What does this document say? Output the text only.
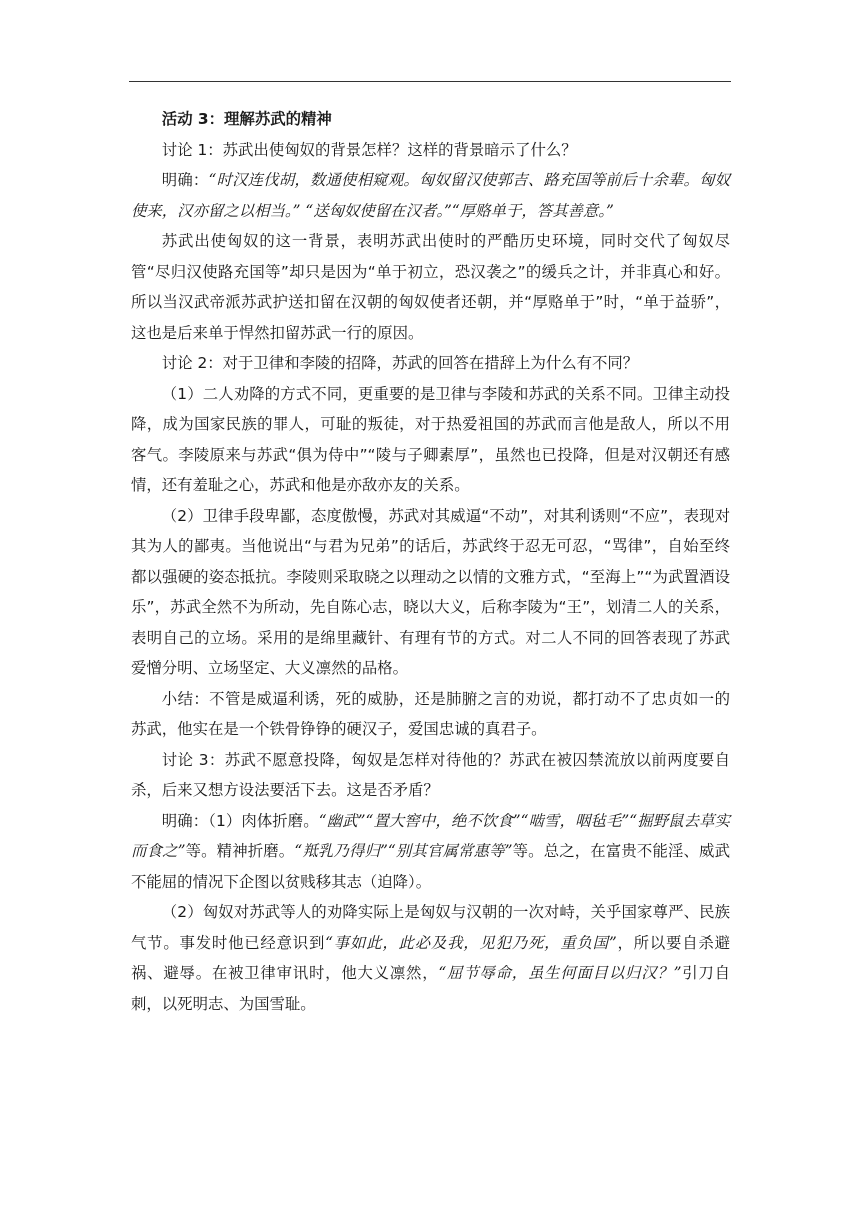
活动 3：理解苏武的精神

讨论 1：苏武出使匈奴的背景怎样？这样的背景暗示了什么？

明确：“时汉连伐胡，数通使相窥观。匈奴留汉使郭吉、路充国等前后十余辈。匈奴使来，汉亦留之以相当。” “送匈奴使留在汉者。”“厚赂单于，答其善意。”

苏武出使匈奴的这一背景，表明苏武出使时的严酷历史环境，同时交代了匈奴尽管“尽归汉使路充国等”却只是因为“单于初立，恐汉袭之”的缓兵之计，并非真心和好。所以当汉武帝派苏武护送扣留在汉朝的匈奴使者还朝，并“厚赂单于”时，“单于益骄”，这也是后来单于悍然扣留苏武一行的原因。

讨论 2：对于卫律和李陵的招降，苏武的回答在措辞上为什么有不同？

（1）二人劝降的方式不同，更重要的是卫律与李陵和苏武的关系不同。卫律主动投降，成为国家民族的罪人，可耻的叛徒，对于热爱祖国的苏武而言他是敌人，所以不用客气。李陵原来与苏武“俱为侍中”“陵与子卿素厚”，虽然也已投降，但是对汉朝还有感情，还有羞耻之心，苏武和他是亦敌亦友的关系。

（2）卫律手段卑鄙，态度傲慢，苏武对其威逼“不动”，对其利诱则“不应”，表现对其为人的鄙夷。当他说出“与君为兄弟”的话后，苏武终于忍无可忍，“骂律”，自始至终都以强硬的姿态抵抗。李陵则采取晓之以理动之以情的文雅方式，“至海上”“为武置酒设乐”，苏武全然不为所动，先自陈心志，晓以大义，后称李陵为“王”，划清二人的关系，表明自己的立场。采用的是绵里藏针、有理有节的方式。对二人不同的回答表现了苏武爱憎分明、立场坚定、大义凛然的品格。

小结：不管是威逼利诱，死的威胁，还是肺腑之言的劝说，都打动不了忠贞如一的苏武，他实在是一个铁骨铮铮的硬汉子，爱国忠诚的真君子。

讨论 3：苏武不愿意投降，匈奴是怎样对待他的？苏武在被囚禁流放以前两度要自杀，后来又想方设法要活下去。这是否矛盾？

明确：（1）肉体折磨。“幽武”“置大窖中，绝不饮食”“啮雪，咽毡毛”“掘野鼠去草实而食之”等。精神折磨。“羝乳乃得归”“别其官属常惠等”等。总之，在富贵不能淫、威武不能屈的情况下企图以贫贱移其志（迫降）。

（2）匈奴对苏武等人的劝降实际上是匈奴与汉朝的一次对峙，关乎国家尊严、民族气节。事发时他已经意识到“事如此，此必及我，见犯乃死，重负国”，所以要自杀避祸、避辱。在被卫律审讯时，他大义凛然，“屈节辱命，虽生何面目以归汉？”引刀自刺，以死明志、为国雪耻。
